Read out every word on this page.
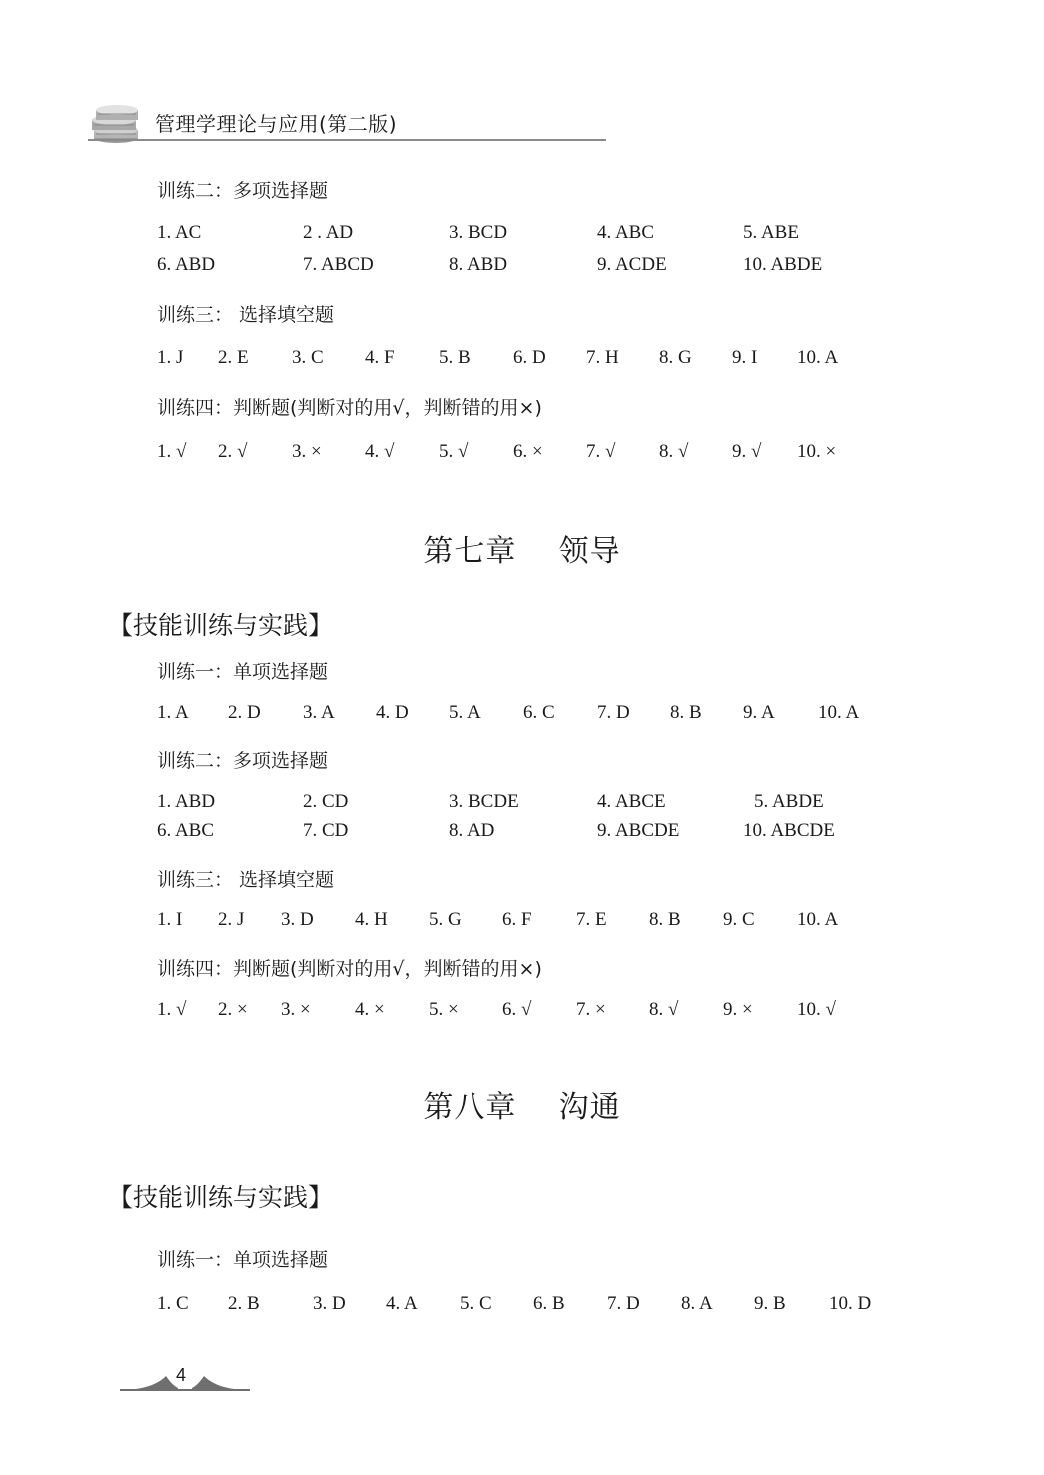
管理学理论与应用(第二版)
训练二：多项选择题
1. AC	2 . AD	3. BCD	4. ABC	5. ABE
6. ABD	7. ABCD	8. ABD	9. ACDE	10. ABDE
训练三： 选择填空题
1. J 2. E 3. C 4. F 5. B 6. D 7. H 8. G 9. I 10. A
训练四：判断题(判断对的用√，判断错的用×)
1. √ 2. √ 3. × 4. √ 5. √ 6. × 7. √ 8. √ 9. √ 10. ×
第七章    领导
【技能训练与实践】
训练一：单项选择题
1. A 2. D 3. A 4. D 5. A 6. C 7. D 8. B 9. A 10. A
训练二：多项选择题
1. ABD	2. CD	3. BCDE	4. ABCE	5. ABDE
6. ABC	7. CD	8. AD	9. ABCDE	10. ABCDE
训练三： 选择填空题
1. I 2. J 3. D 4. H 5. G 6. F 7. E 8. B 9. C 10. A
训练四：判断题(判断对的用√，判断错的用×)
1. √ 2. × 3. × 4. × 5. × 6. √ 7. × 8. √ 9. × 10. √
第八章    沟通
【技能训练与实践】
训练一：单项选择题
1. C 2. B	3. D 4. A 5. C 6. B 7. D 8. A 9. B 10. D
4
